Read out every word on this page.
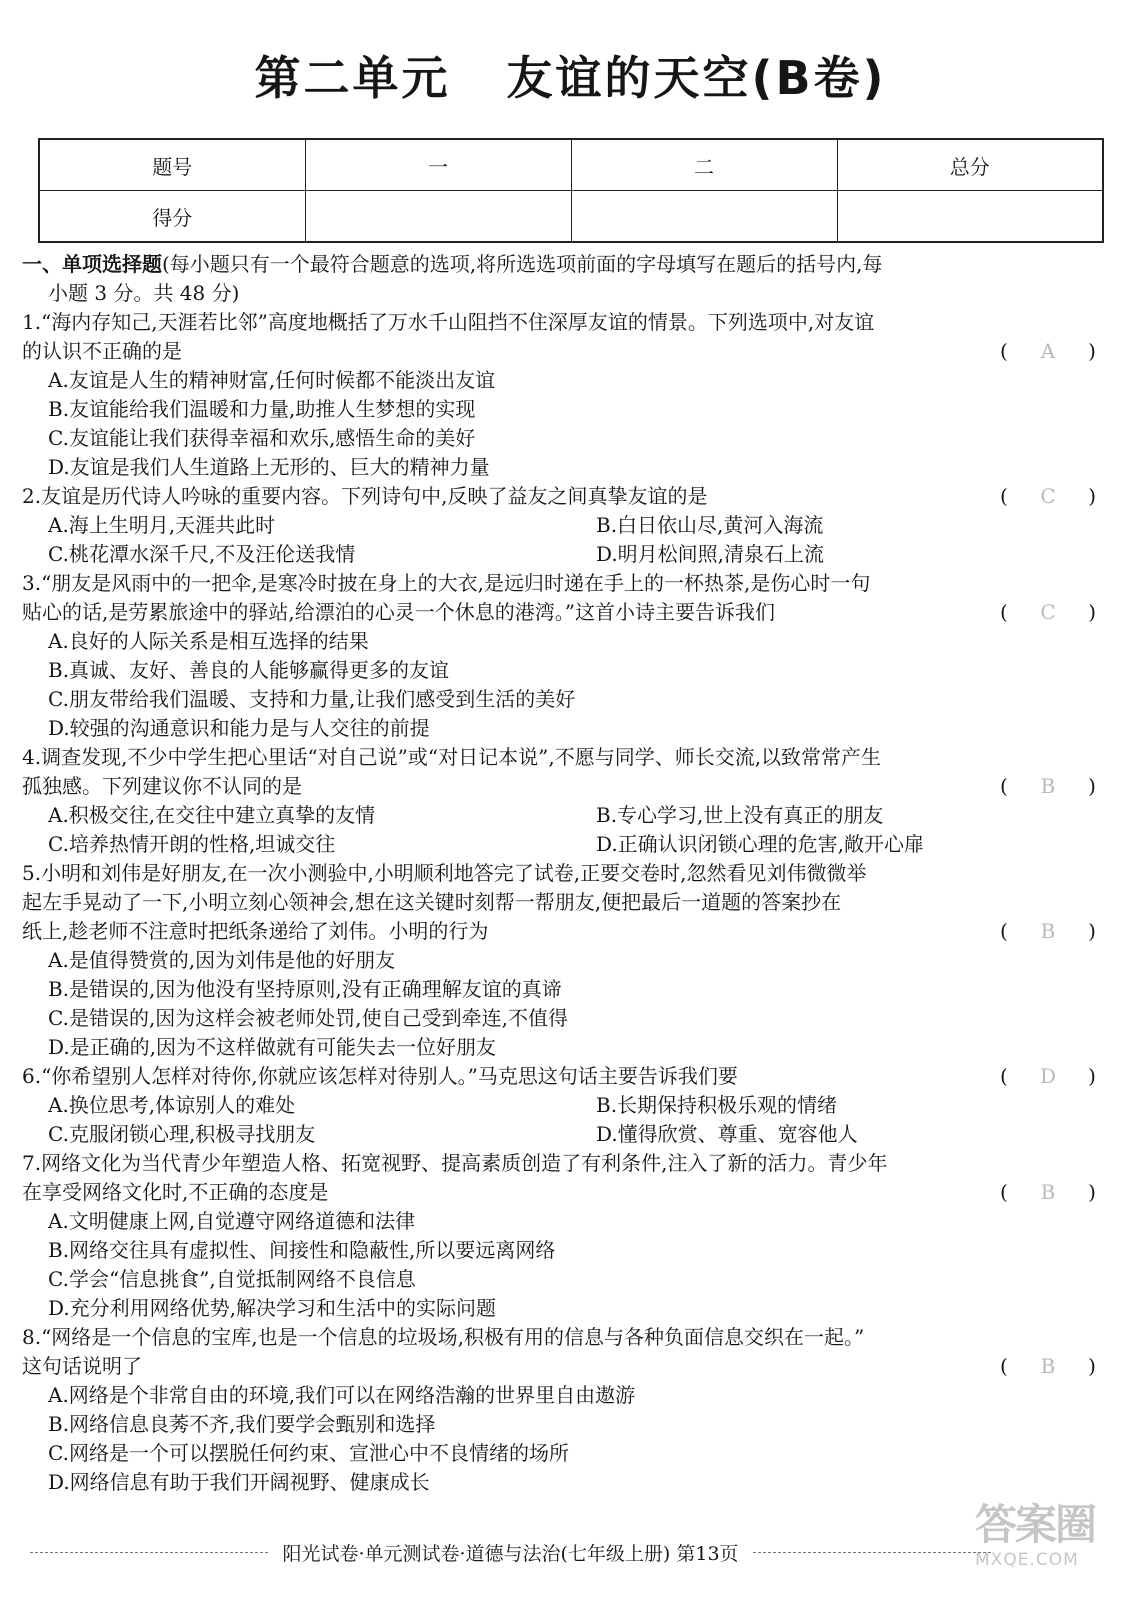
第二单元 友谊的天空(B卷)
题号	一	二	总分
得分			
一、单项选择题(每小题只有一个最符合题意的选项,将所选选项前面的字母填写在题后的括号内,每
小题 3 分。共 48 分)
1.“海内存知己,天涯若比邻”高度地概括了万水千山阻挡不住深厚友谊的情景。下列选项中,对友谊
的认识不正确的是	( A )
A.友谊是人生的精神财富,任何时候都不能淡出友谊
B.友谊能给我们温暖和力量,助推人生梦想的实现
C.友谊能让我们获得幸福和欢乐,感悟生命的美好
D.友谊是我们人生道路上无形的、巨大的精神力量
2.友谊是历代诗人吟咏的重要内容。下列诗句中,反映了益友之间真挚友谊的是	( C )
A.海上生明月,天涯共此时	B.白日依山尽,黄河入海流
C.桃花潭水深千尺,不及汪伦送我情	D.明月松间照,清泉石上流
3.“朋友是风雨中的一把伞,是寒冷时披在身上的大衣,是远归时递在手上的一杯热茶,是伤心时一句
贴心的话,是劳累旅途中的驿站,给漂泊的心灵一个休息的港湾。”这首小诗主要告诉我们	( C )
A.良好的人际关系是相互选择的结果
B.真诚、友好、善良的人能够赢得更多的友谊
C.朋友带给我们温暖、支持和力量,让我们感受到生活的美好
D.较强的沟通意识和能力是与人交往的前提
4.调查发现,不少中学生把心里话“对自己说”或“对日记本说”,不愿与同学、师长交流,以致常常产生
孤独感。下列建议你不认同的是	( B )
A.积极交往,在交往中建立真挚的友情	B.专心学习,世上没有真正的朋友
C.培养热情开朗的性格,坦诚交往	D.正确认识闭锁心理的危害,敞开心扉
5.小明和刘伟是好朋友,在一次小测验中,小明顺利地答完了试卷,正要交卷时,忽然看见刘伟微微举
起左手晃动了一下,小明立刻心领神会,想在这关键时刻帮一帮朋友,便把最后一道题的答案抄在
纸上,趁老师不注意时把纸条递给了刘伟。小明的行为	( B )
A.是值得赞赏的,因为刘伟是他的好朋友
B.是错误的,因为他没有坚持原则,没有正确理解友谊的真谛
C.是错误的,因为这样会被老师处罚,使自己受到牵连,不值得
D.是正确的,因为不这样做就有可能失去一位好朋友
6.“你希望别人怎样对待你,你就应该怎样对待别人。”马克思这句话主要告诉我们要	( D )
A.换位思考,体谅别人的难处	B.长期保持积极乐观的情绪
C.克服闭锁心理,积极寻找朋友	D.懂得欣赏、尊重、宽容他人
7.网络文化为当代青少年塑造人格、拓宽视野、提高素质创造了有利条件,注入了新的活力。青少年
在享受网络文化时,不正确的态度是	( B )
A.文明健康上网,自觉遵守网络道德和法律
B.网络交往具有虚拟性、间接性和隐蔽性,所以要远离网络
C.学会“信息挑食”,自觉抵制网络不良信息
D.充分利用网络优势,解决学习和生活中的实际问题
8.“网络是一个信息的宝库,也是一个信息的垃圾场,积极有用的信息与各种负面信息交织在一起。”
这句话说明了	( B )
A.网络是个非常自由的环境,我们可以在网络浩瀚的世界里自由遨游
B.网络信息良莠不齐,我们要学会甄别和选择
C.网络是一个可以摆脱任何约束、宣泄心中不良情绪的场所
D.网络信息有助于我们开阔视野、健康成长
阳光试卷·单元测试卷·道德与法治(七年级上册) 第13页
答案圈
MXQE.COM
